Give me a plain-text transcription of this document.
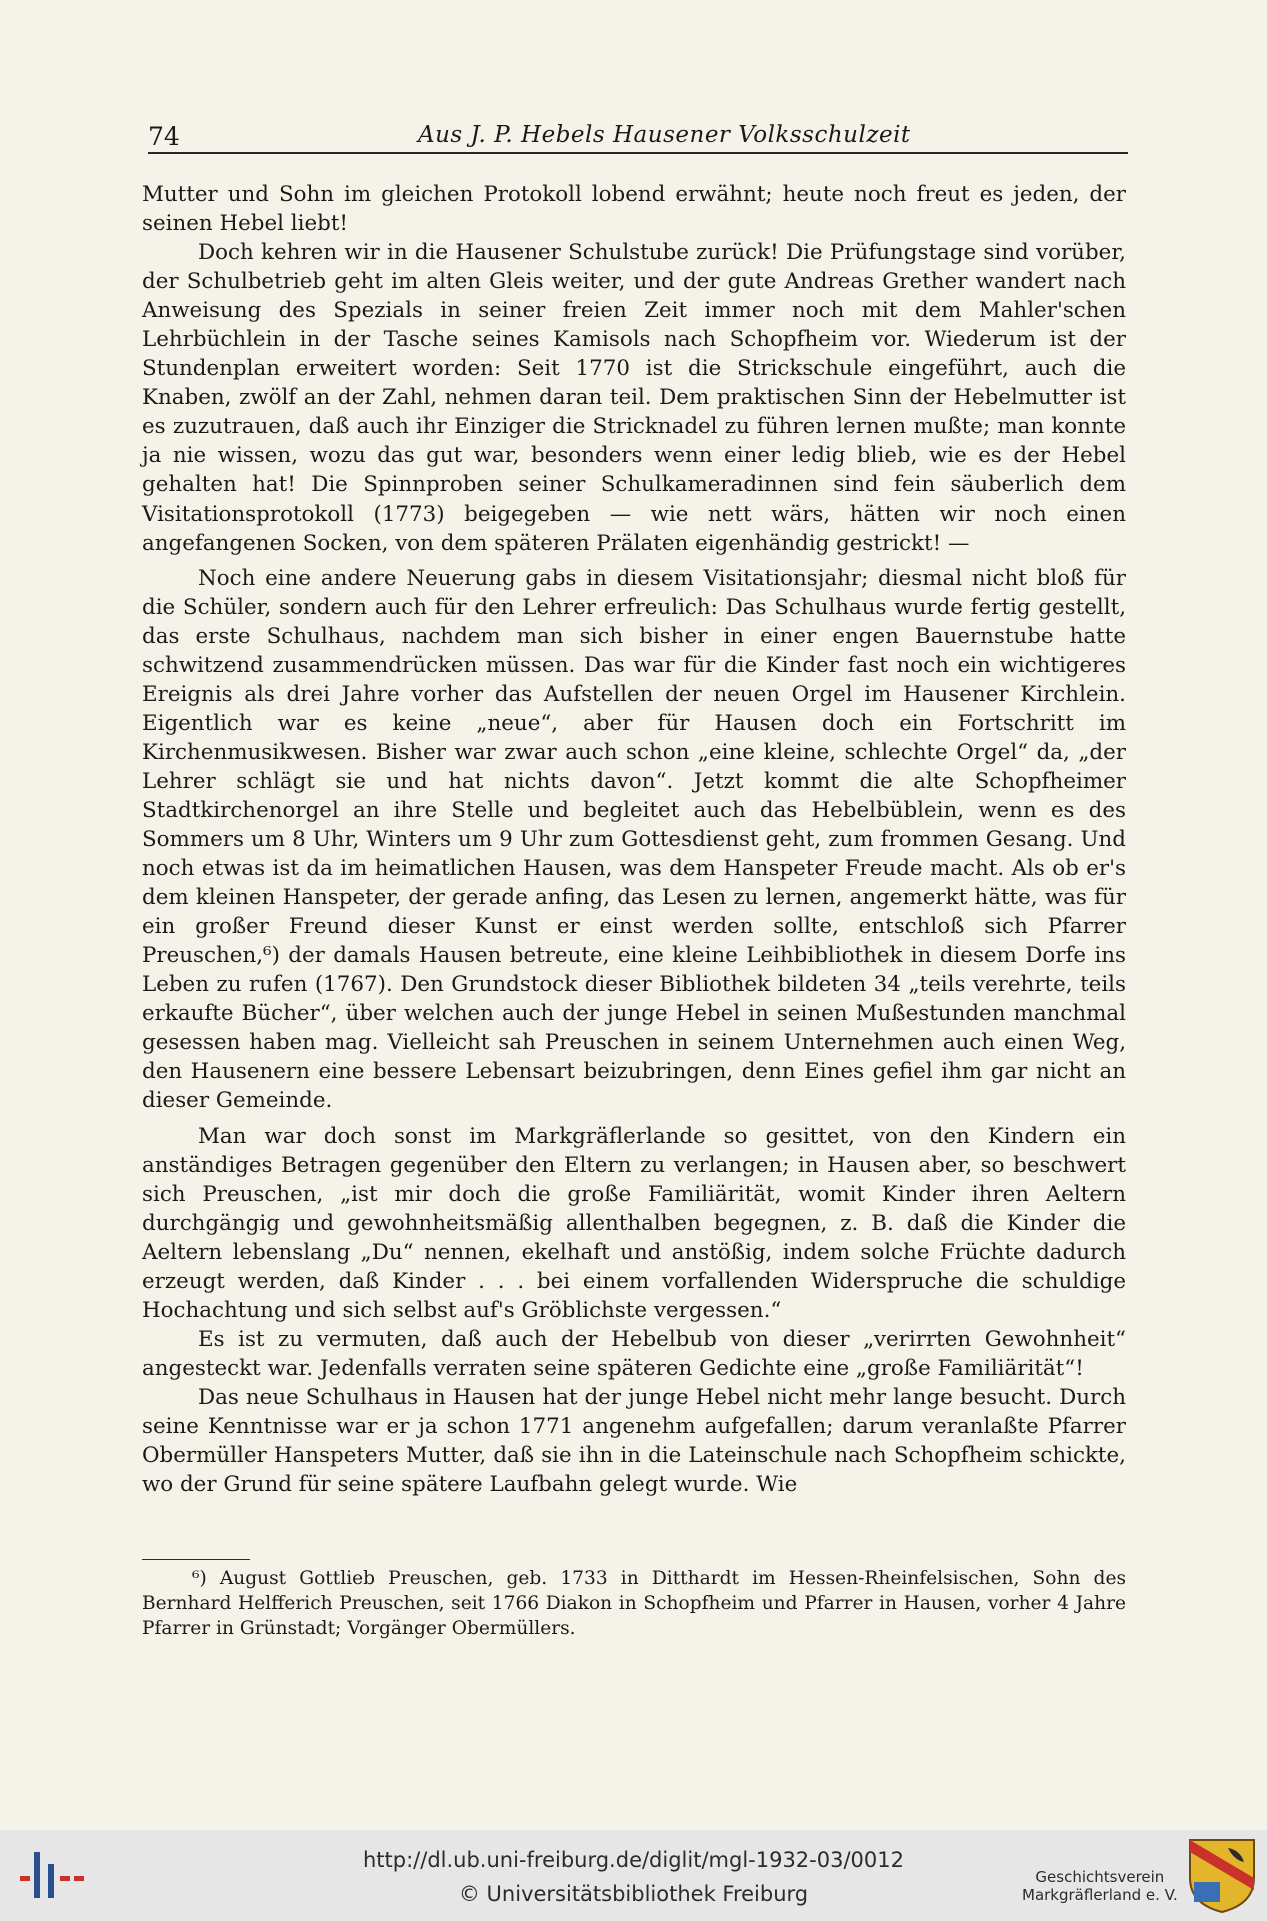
74	Aus J. P. Hebels Hausener Volksschulzeit

Mutter und Sohn im gleichen Protokoll lobend erwähnt; heute noch freut es jeden, der seinen Hebel liebt!

Doch kehren wir in die Hausener Schulstube zurück! Die Prüfungstage sind vorüber, der Schulbetrieb geht im alten Gleis weiter, und der gute Andreas Grether wandert nach Anweisung des Spezials in seiner freien Zeit immer noch mit dem Mahler'schen Lehrbüchlein in der Tasche seines Kamisols nach Schopfheim vor. Wiederum ist der Stundenplan erweitert worden: Seit 1770 ist die Strickschule eingeführt, auch die Knaben, zwölf an der Zahl, nehmen daran teil. Dem praktischen Sinn der Hebelmutter ist es zuzutrauen, daß auch ihr Einziger die Stricknadel zu führen lernen mußte; man konnte ja nie wissen, wozu das gut war, besonders wenn einer ledig blieb, wie es der Hebel gehalten hat! Die Spinnproben seiner Schulkameradinnen sind fein säuberlich dem Visitationsprotokoll (1773) beigegeben — wie nett wärs, hätten wir noch einen angefangenen Socken, von dem späteren Prälaten eigenhändig gestrickt! —

Noch eine andere Neuerung gabs in diesem Visitationsjahr; diesmal nicht bloß für die Schüler, sondern auch für den Lehrer erfreulich: Das Schulhaus wurde fertig gestellt, das erste Schulhaus, nachdem man sich bisher in einer engen Bauernstube hatte schwitzend zusammendrücken müssen. Das war für die Kinder fast noch ein wichtigeres Ereignis als drei Jahre vorher das Aufstellen der neuen Orgel im Hausener Kirchlein. Eigentlich war es keine „neue“, aber für Hausen doch ein Fortschritt im Kirchenmusikwesen. Bisher war zwar auch schon „eine kleine, schlechte Orgel“ da, „der Lehrer schlägt sie und hat nichts davon“. Jetzt kommt die alte Schopfheimer Stadtkirchenorgel an ihre Stelle und begleitet auch das Hebelbüblein, wenn es des Sommers um 8 Uhr, Winters um 9 Uhr zum Gottesdienst geht, zum frommen Gesang. Und noch etwas ist da im heimatlichen Hausen, was dem Hanspeter Freude macht. Als ob er's dem kleinen Hanspeter, der gerade anfing, das Lesen zu lernen, angemerkt hätte, was für ein großer Freund dieser Kunst er einst werden sollte, entschloß sich Pfarrer Preuschen,⁶) der damals Hausen betreute, eine kleine Leihbibliothek in diesem Dorfe ins Leben zu rufen (1767). Den Grundstock dieser Bibliothek bildeten 34 „teils verehrte, teils erkaufte Bücher“, über welchen auch der junge Hebel in seinen Mußestunden manchmal gesessen haben mag. Vielleicht sah Preuschen in seinem Unternehmen auch einen Weg, den Hausenern eine bessere Lebensart beizubringen, denn Eines gefiel ihm gar nicht an dieser Gemeinde.

Man war doch sonst im Markgräflerlande so gesittet, von den Kindern ein anständiges Betragen gegenüber den Eltern zu verlangen; in Hausen aber, so beschwert sich Preuschen, „ist mir doch die große Familiärität, womit Kinder ihren Aeltern durchgängig und gewohnheitsmäßig allenthalben begegnen, z. B. daß die Kinder die Aeltern lebenslang „Du“ nennen, ekelhaft und anstößig, indem solche Früchte dadurch erzeugt werden, daß Kinder . . . bei einem vorfallenden Widerspruche die schuldige Hochachtung und sich selbst auf's Gröblichste vergessen.“

Es ist zu vermuten, daß auch der Hebelbub von dieser „verirrten Gewohnheit“ angesteckt war. Jedenfalls verraten seine späteren Gedichte eine „große Familiärität“!

Das neue Schulhaus in Hausen hat der junge Hebel nicht mehr lange besucht. Durch seine Kenntnisse war er ja schon 1771 angenehm aufgefallen; darum veranlaßte Pfarrer Obermüller Hanspeters Mutter, daß sie ihn in die Lateinschule nach Schopfheim schickte, wo der Grund für seine spätere Laufbahn gelegt wurde. Wie

⁶) August Gottlieb Preuschen, geb. 1733 in Ditthardt im Hessen-Rheinfelsischen, Sohn des Bernhard Helfferich Preuschen, seit 1766 Diakon in Schopfheim und Pfarrer in Hausen, vorher 4 Jahre Pfarrer in Grünstadt; Vorgänger Obermüllers.

http://dl.ub.uni-freiburg.de/diglit/mgl-1932-03/0012
© Universitätsbibliothek Freiburg
Geschichtsverein
Markgräflerland e. V.
